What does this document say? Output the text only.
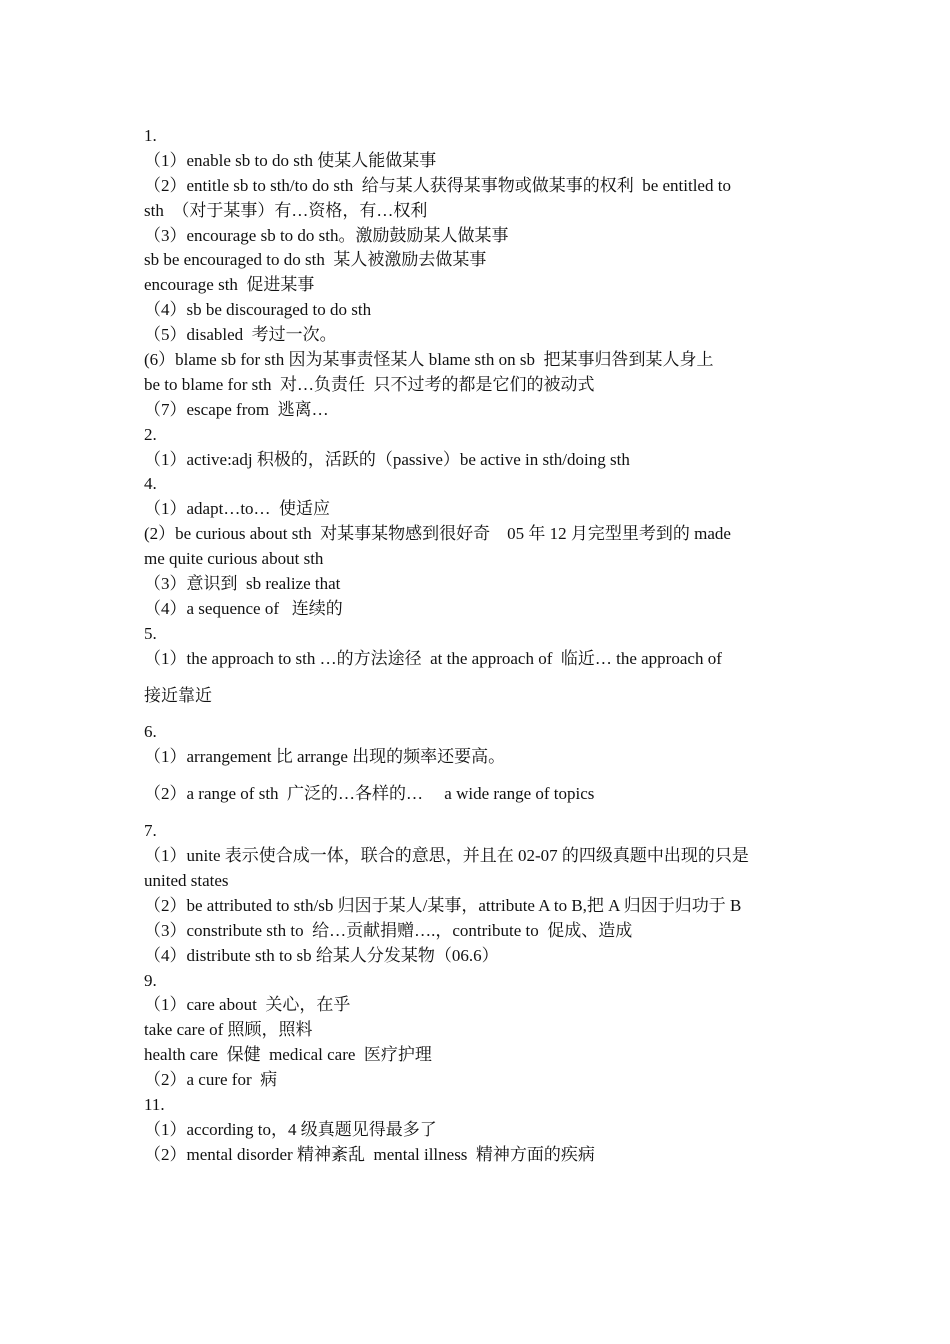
1.
（1）enable sb to do sth 使某人能做某事
（2）entitle sb to sth/to do sth  给与某人获得某事物或做某事的权利  be entitled to
sth  （对于某事）有…资格，有…权利
（3）encourage sb to do sth。激励鼓励某人做某事
sb be encouraged to do sth  某人被激励去做某事
encourage sth  促进某事
（4）sb be discouraged to do sth
（5）disabled  考过一次。
(6）blame sb for sth 因为某事责怪某人 blame sth on sb  把某事归咎到某人身上
be to blame for sth  对…负责任  只不过考的都是它们的被动式
（7）escape from  逃离…
2.
（1）active:adj 积极的，活跃的（passive）be active in sth/doing sth
4.
（1）adapt…to…  使适应
(2）be curious about sth  对某事某物感到很好奇    05 年 12 月完型里考到的 made
me quite curious about sth
（3）意识到  sb realize that
（4）a sequence of   连续的
5.
（1）the approach to sth …的方法途径  at the approach of  临近… the approach of
接近靠近
6.
（1）arrangement 比 arrange 出现的频率还要高。
（2）a range of sth  广泛的…各样的…     a wide range of topics
7.
（1）unite 表示使合成一体，联合的意思，并且在 02-07 的四级真题中出现的只是
united states
（2）be attributed to sth/sb 归因于某人/某事，attribute A to B,把 A 归因于归功于 B
（3）constribute sth to  给…贡献捐赠….，contribute to  促成、造成
（4）distribute sth to sb 给某人分发某物（06.6）
9.
（1）care about  关心，在乎
take care of 照顾，照料
health care  保健  medical care  医疗护理
（2）a cure for  病
11.
（1）according to，4 级真题见得最多了
（2）mental disorder 精神紊乱  mental illness  精神方面的疾病
